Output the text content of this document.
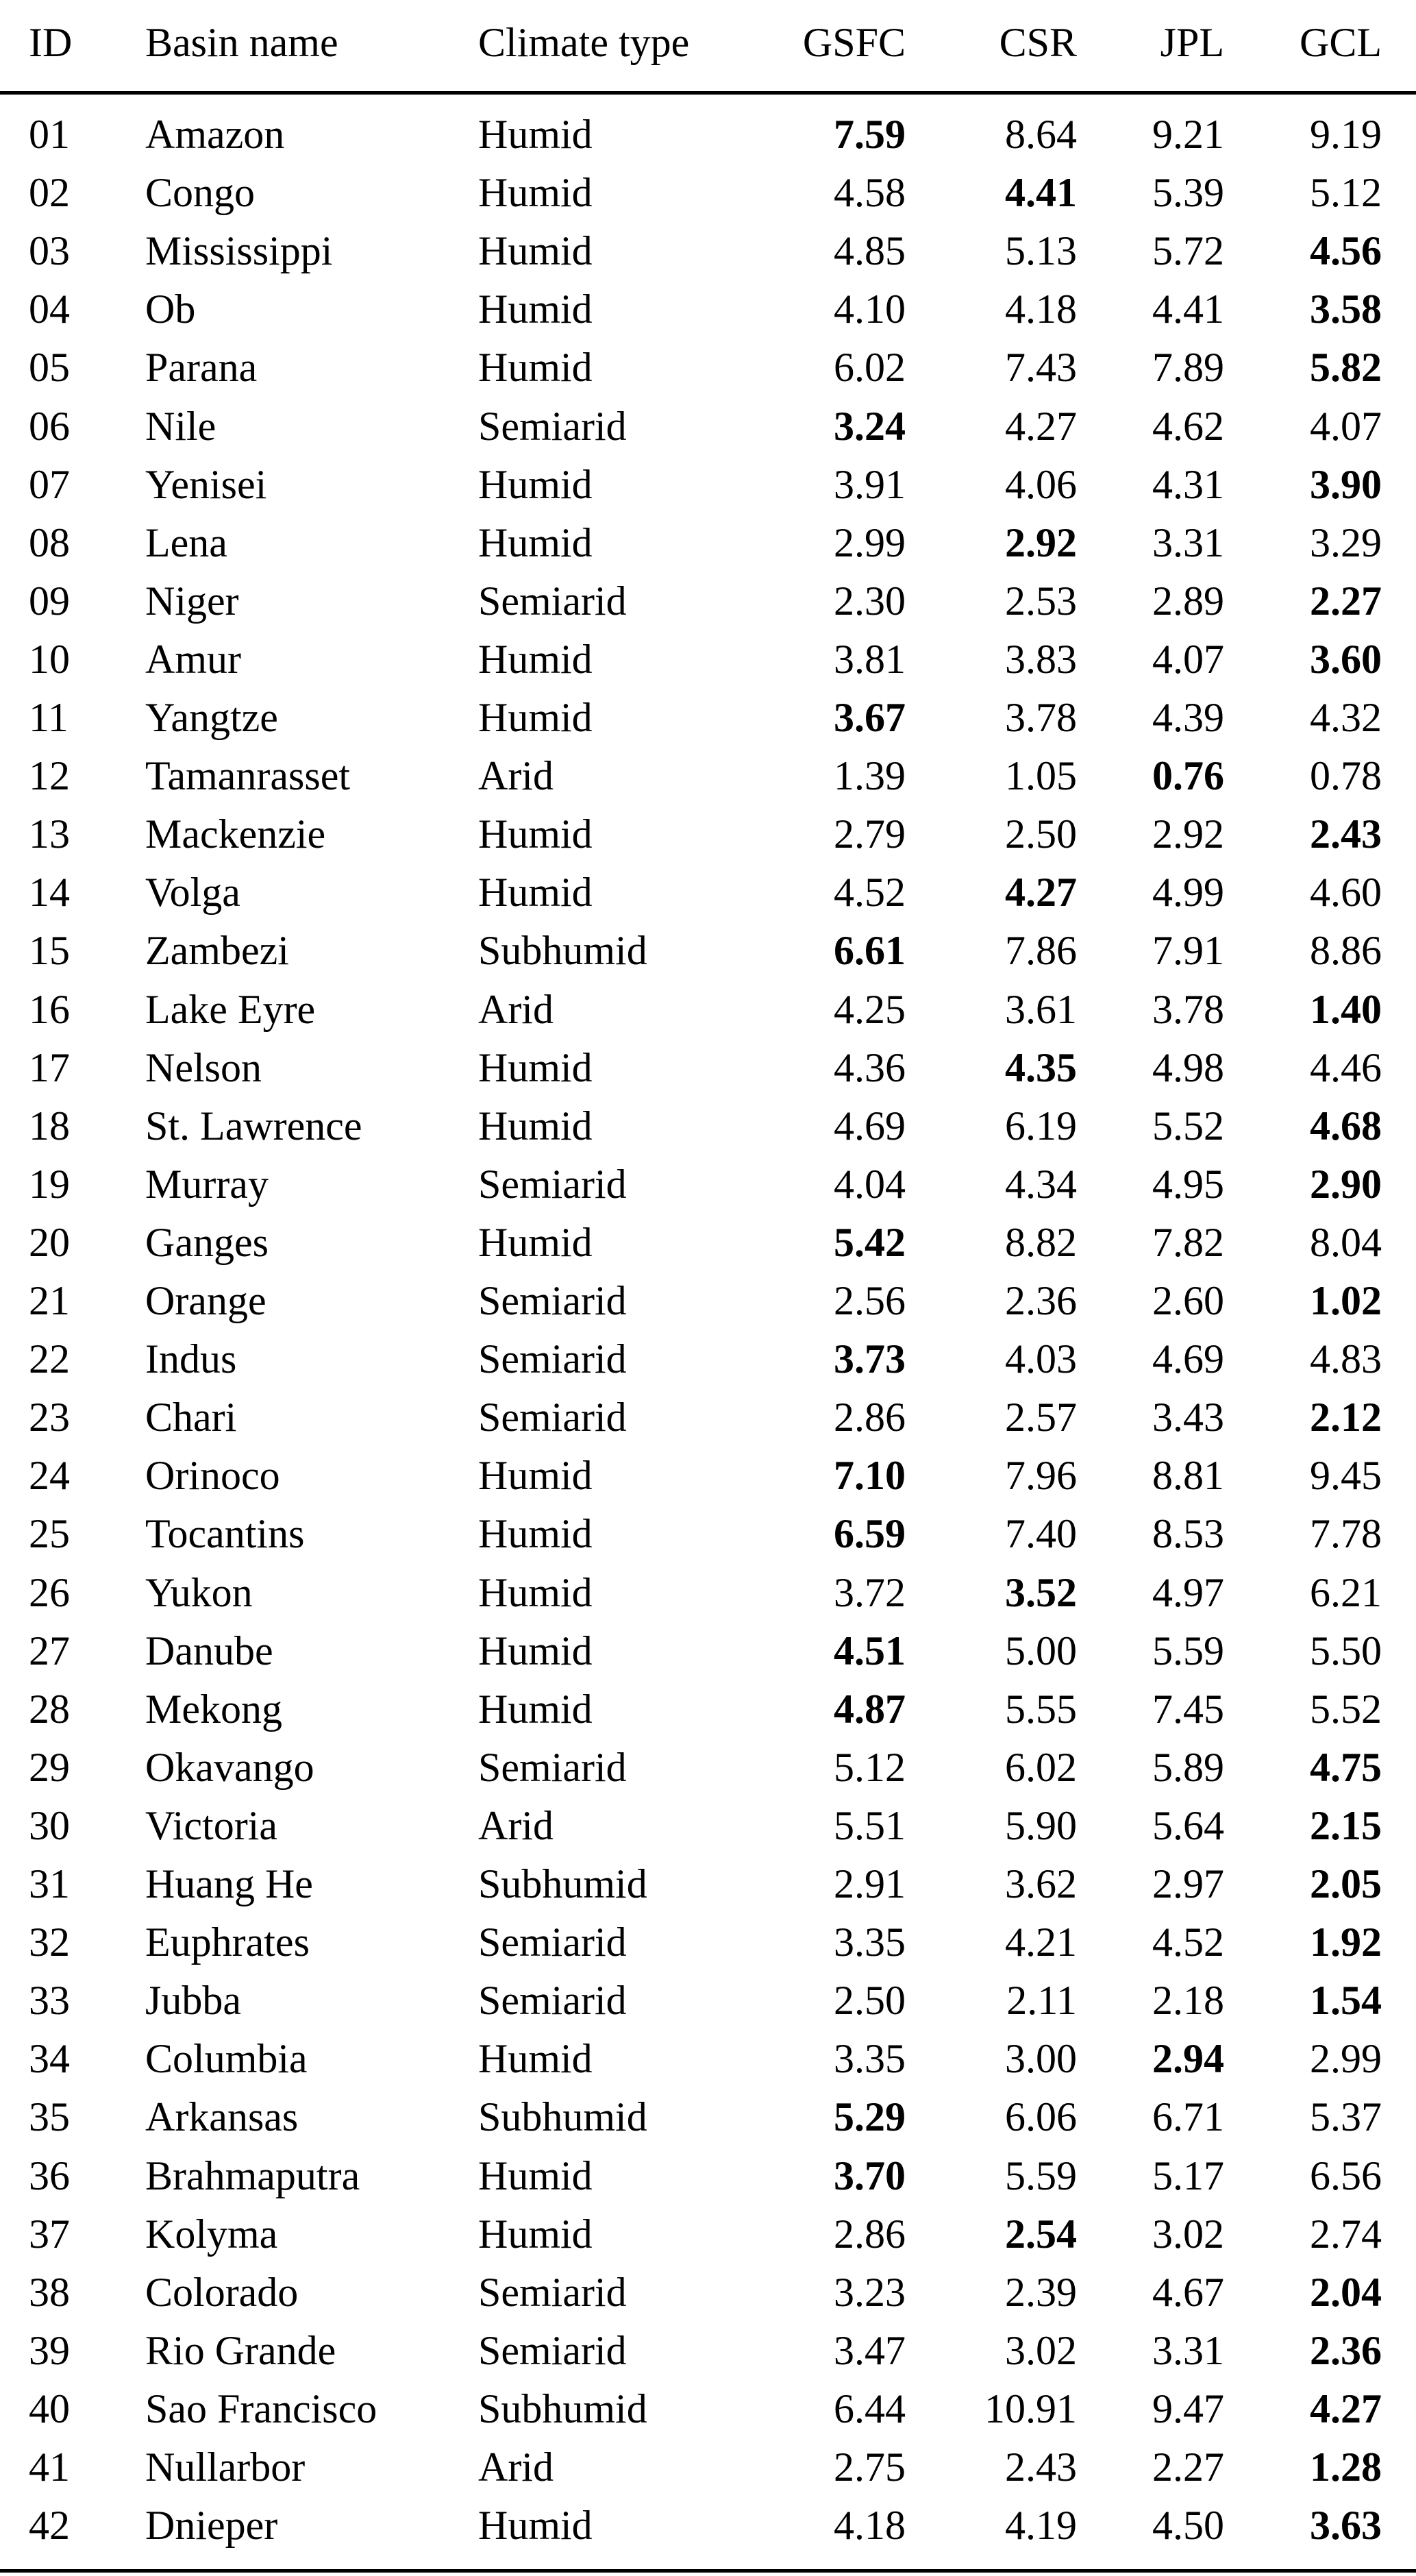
ID	Basin name	Climate type	GSFC	CSR	JPL	GCL
01	Amazon	Humid	7.59	8.64	9.21	9.19
02	Congo	Humid	4.58	4.41	5.39	5.12
03	Mississippi	Humid	4.85	5.13	5.72	4.56
04	Ob	Humid	4.10	4.18	4.41	3.58
05	Parana	Humid	6.02	7.43	7.89	5.82
06	Nile	Semiarid	3.24	4.27	4.62	4.07
07	Yenisei	Humid	3.91	4.06	4.31	3.90
08	Lena	Humid	2.99	2.92	3.31	3.29
09	Niger	Semiarid	2.30	2.53	2.89	2.27
10	Amur	Humid	3.81	3.83	4.07	3.60
11	Yangtze	Humid	3.67	3.78	4.39	4.32
12	Tamanrasset	Arid	1.39	1.05	0.76	0.78
13	Mackenzie	Humid	2.79	2.50	2.92	2.43
14	Volga	Humid	4.52	4.27	4.99	4.60
15	Zambezi	Subhumid	6.61	7.86	7.91	8.86
16	Lake Eyre	Arid	4.25	3.61	3.78	1.40
17	Nelson	Humid	4.36	4.35	4.98	4.46
18	St. Lawrence	Humid	4.69	6.19	5.52	4.68
19	Murray	Semiarid	4.04	4.34	4.95	2.90
20	Ganges	Humid	5.42	8.82	7.82	8.04
21	Orange	Semiarid	2.56	2.36	2.60	1.02
22	Indus	Semiarid	3.73	4.03	4.69	4.83
23	Chari	Semiarid	2.86	2.57	3.43	2.12
24	Orinoco	Humid	7.10	7.96	8.81	9.45
25	Tocantins	Humid	6.59	7.40	8.53	7.78
26	Yukon	Humid	3.72	3.52	4.97	6.21
27	Danube	Humid	4.51	5.00	5.59	5.50
28	Mekong	Humid	4.87	5.55	7.45	5.52
29	Okavango	Semiarid	5.12	6.02	5.89	4.75
30	Victoria	Arid	5.51	5.90	5.64	2.15
31	Huang He	Subhumid	2.91	3.62	2.97	2.05
32	Euphrates	Semiarid	3.35	4.21	4.52	1.92
33	Jubba	Semiarid	2.50	2.11	2.18	1.54
34	Columbia	Humid	3.35	3.00	2.94	2.99
35	Arkansas	Subhumid	5.29	6.06	6.71	5.37
36	Brahmaputra	Humid	3.70	5.59	5.17	6.56
37	Kolyma	Humid	2.86	2.54	3.02	2.74
38	Colorado	Semiarid	3.23	2.39	4.67	2.04
39	Rio Grande	Semiarid	3.47	3.02	3.31	2.36
40	Sao Francisco	Subhumid	6.44	10.91	9.47	4.27
41	Nullarbor	Arid	2.75	2.43	2.27	1.28
42	Dnieper	Humid	4.18	4.19	4.50	3.63
